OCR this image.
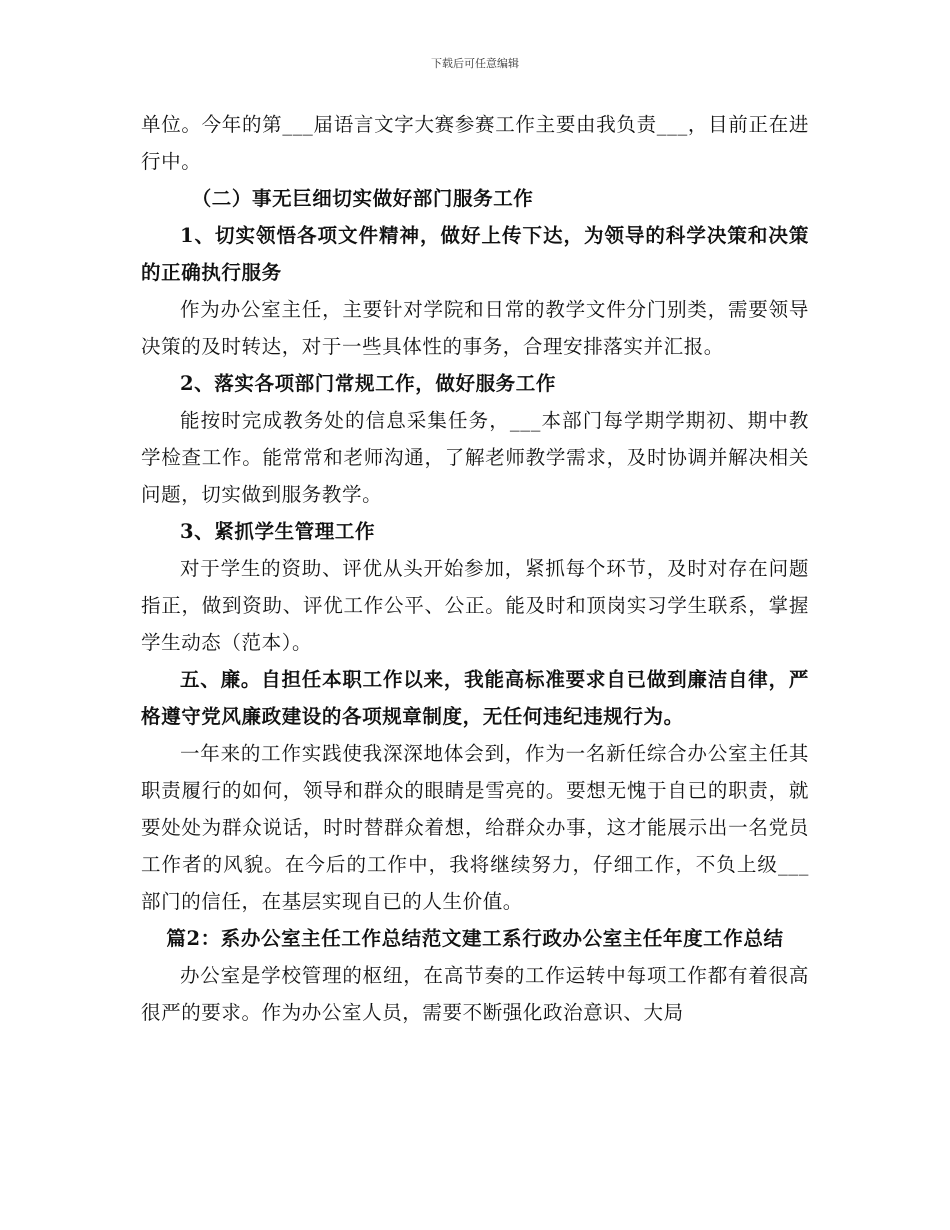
下载后可任意编辑

单位。今年的第___届语言文字大赛参赛工作主要由我负责___，目前正在进行中。

（二）事无巨细切实做好部门服务工作

1、切实领悟各项文件精神，做好上传下达，为领导的科学决策和决策的正确执行服务

作为办公室主任，主要针对学院和日常的教学文件分门别类，需要领导决策的及时转达，对于一些具体性的事务，合理安排落实并汇报。

2、落实各项部门常规工作，做好服务工作

能按时完成教务处的信息采集任务，___本部门每学期学期初、期中教学检查工作。能常常和老师沟通，了解老师教学需求，及时协调并解决相关问题，切实做到服务教学。

3、紧抓学生管理工作

对于学生的资助、评优从头开始参加，紧抓每个环节，及时对存在问题指正，做到资助、评优工作公平、公正。能及时和顶岗实习学生联系，掌握学生动态（范本）。

五、廉。自担任本职工作以来，我能高标准要求自已做到廉洁自律，严格遵守党风廉政建设的各项规章制度，无任何违纪违规行为。

一年来的工作实践使我深深地体会到，作为一名新任综合办公室主任其职责履行的如何，领导和群众的眼睛是雪亮的。要想无愧于自已的职责，就要处处为群众说话，时时替群众着想，给群众办事，这才能展示出一名党员工作者的风貌。在今后的工作中，我将继续努力，仔细工作，不负上级___部门的信任，在基层实现自已的人生价值。

篇2：系办公室主任工作总结范文建工系行政办公室主任年度工作总结

办公室是学校管理的枢纽，在高节奏的工作运转中每项工作都有着很高很严的要求。作为办公室人员，需要不断强化政治意识、大局
